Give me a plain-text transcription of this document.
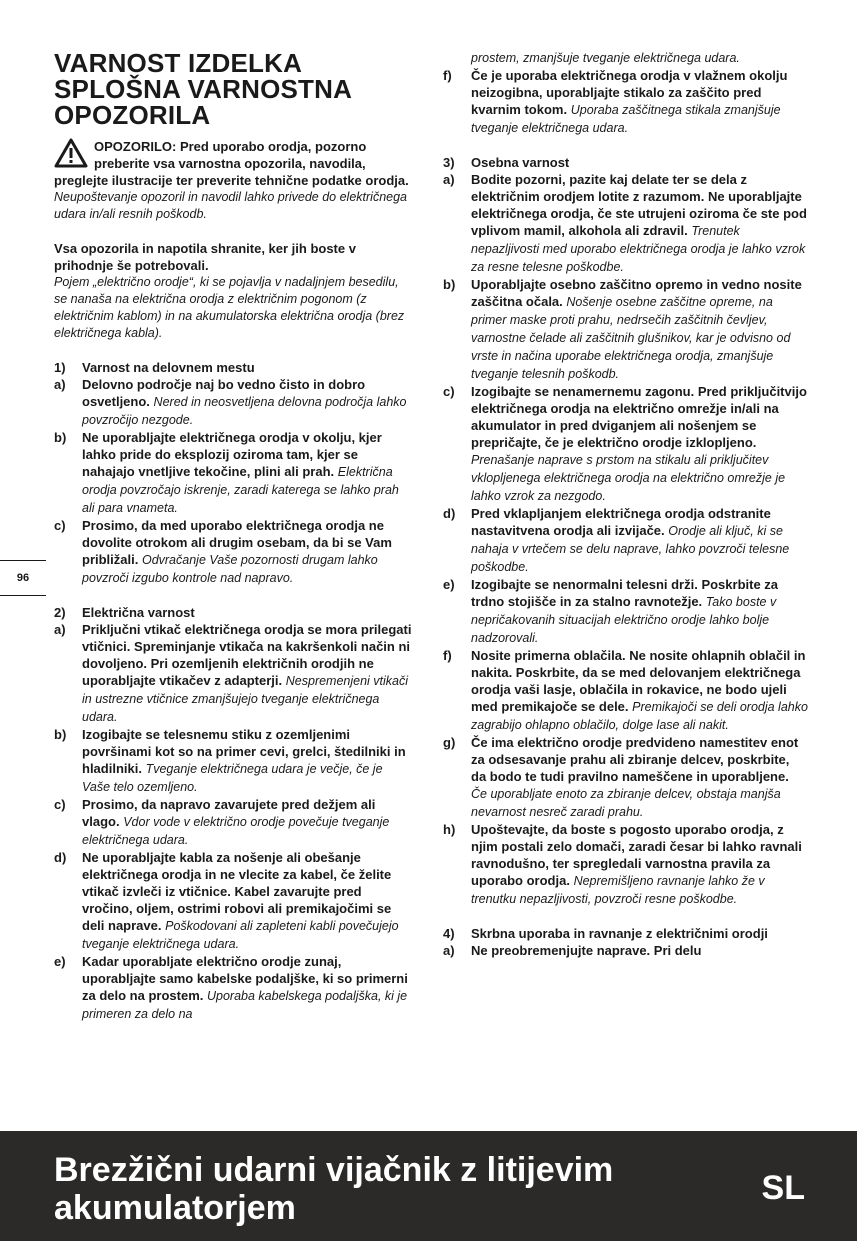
VARNOST IZDELKA SPLOŠNA VARNOSTNA OPOZORILA

OPOZORILO: Pred uporabo orodja, pozorno preberite vsa varnostna opozorila, navodila, preglejte ilustracije ter preverite tehnične podatke orodja.

Neupoštevanje opozoril in navodil lahko privede do električnega udara in/ali resnih poškodb.

Vsa opozorila in napotila shranite, ker jih boste v prihodnje še potrebovali.

Pojem „električno orodje“, ki se pojavlja v nadaljnjem besedilu, se nanaša na električna orodja z električnim pogonom (z električnim kablom) in na akumulatorska električna orodja (brez električnega kabla).

1)	Varnost na delovnem mestu
a)	Delovno področje naj bo vedno čisto in dobro osvetljeno. Nered in neosvetljena delovna področja lahko povzročijo nezgode.
b)	Ne uporabljajte električnega orodja v okolju, kjer lahko pride do eksplozij oziroma tam, kjer se nahajajo vnetljive tekočine, plini ali prah. Električna orodja povzročajo iskrenje, zaradi katerega se lahko prah ali para vnameta.
c)	Prosimo, da med uporabo električnega orodja ne dovolite otrokom ali drugim osebam, da bi se Vam približali. Odvračanje Vaše pozornosti drugam lahko povzroči izgubo kontrole nad napravo.
2)	Električna varnost
a)	Priključni vtikač električnega orodja se mora prilegati vtičnici. Spreminjanje vtikača na kakršenkoli način ni dovoljeno. Pri ozemljenih električnih orodjih ne uporabljajte vtikačev z adapterji. Nespremenjeni vtikači in ustrezne vtičnice zmanjšujejo tveganje električnega udara.
b)	Izogibajte se telesnemu stiku z ozemljenimi površinami kot so na primer cevi, grelci, štedilniki in hladilniki. Tveganje električnega udara je večje, če je Vaše telo ozemljeno.
c)	Prosimo, da napravo zavarujete pred dežjem ali vlago. Vdor vode v električno orodje povečuje tveganje električnega udara.
d)	Ne uporabljajte kabla za nošenje ali obešanje električnega orodja in ne vlecite za kabel, če želite vtikač izvleči iz vtičnice. Kabel zavarujte pred vročino, oljem, ostrimi robovi ali premikajočimi se deli naprave. Poškodovani ali zapleteni kabli povečujejo tveganje električnega udara.
e)	Kadar uporabljate električno orodje zunaj, uporabljajte samo kabelske podaljške, ki so primerni za delo na prostem. Uporaba kabelskega podaljška, ki je primeren za delo na
96
prostem, zmanjšuje tveganje električnega udara.
f)	Če je uporaba električnega orodja v vlažnem okolju neizogibna, uporabljajte stikalo za zaščito pred kvarnim tokom. Uporaba zaščitnega stikala zmanjšuje tveganje električnega udara.
3)	Osebna varnost
a)	Bodite pozorni, pazite kaj delate ter se dela z električnim orodjem lotite z razumom. Ne uporabljajte električnega orodja, če ste utrujeni oziroma če ste pod vplivom mamil, alkohola ali zdravil. Trenutek nepazljivosti med uporabo električnega orodja je lahko vzrok za resne telesne poškodbe.
b)	Uporabljajte osebno zaščitno opremo in vedno nosite zaščitna očala. Nošenje osebne zaščitne opreme, na primer maske proti prahu, nedrsečih zaščitnih čevljev, varnostne čelade ali zaščitnih glušnikov, kar je odvisno od vrste in načina uporabe električnega orodja, zmanjšuje tveganje telesnih poškodb.
c)	Izogibajte se nenamernemu zagonu. Pred priključitvijo električnega orodja na električno omrežje in/ali na akumulator in pred dviganjem ali nošenjem se prepričajte, če je električno orodje izklopljeno. Prenašanje naprave s prstom na stikalu ali priključitev vklopljenega električnega orodja na električno omrežje je lahko vzrok za nezgodo.
d)	Pred vklapljanjem električnega orodja odstranite nastavitvena orodja ali izvijače. Orodje ali ključ, ki se nahaja v vrtečem se delu naprave, lahko povzroči telesne poškodbe.
e)	Izogibajte se nenormalni telesni drži. Poskrbite za trdno stojišče in za stalno ravnotežje. Tako boste v nepričakovanih situacijah električno orodje lahko bolje nadzorovali.
f)	Nosite primerna oblačila. Ne nosite ohlapnih oblačil in nakita. Poskrbite, da se med delovanjem električnega orodja vaši lasje, oblačila in rokavice, ne bodo ujeli med premikajoče se dele. Premikajoči se deli orodja lahko zagrabijo ohlapno oblačilo, dolge lase ali nakit.
g)	Če ima električno orodje predvideno namestitev enot za odsesavanje prahu ali zbiranje delcev, poskrbite, da bodo te tudi pravilno nameščene in uporabljene. Če uporabljate enoto za zbiranje delcev, obstaja manjša nevarnost nesreč zaradi prahu.
h)	Upoštevajte, da boste s pogosto uporabo orodja, z njim postali zelo domači, zaradi česar bi lahko ravnali ravnodušno, ter spregledali varnostna pravila za uporabo orodja. Nepremišljeno ravnanje lahko že v trenutku nepazljivosti, povzroči resne poškodbe.
4)	Skrbna uporaba in ravnanje z električnimi orodji
a)	Ne preobremenjujte naprave. Pri delu
Brezžični udarni vijačnik z litijevim akumulatorjem
SL
